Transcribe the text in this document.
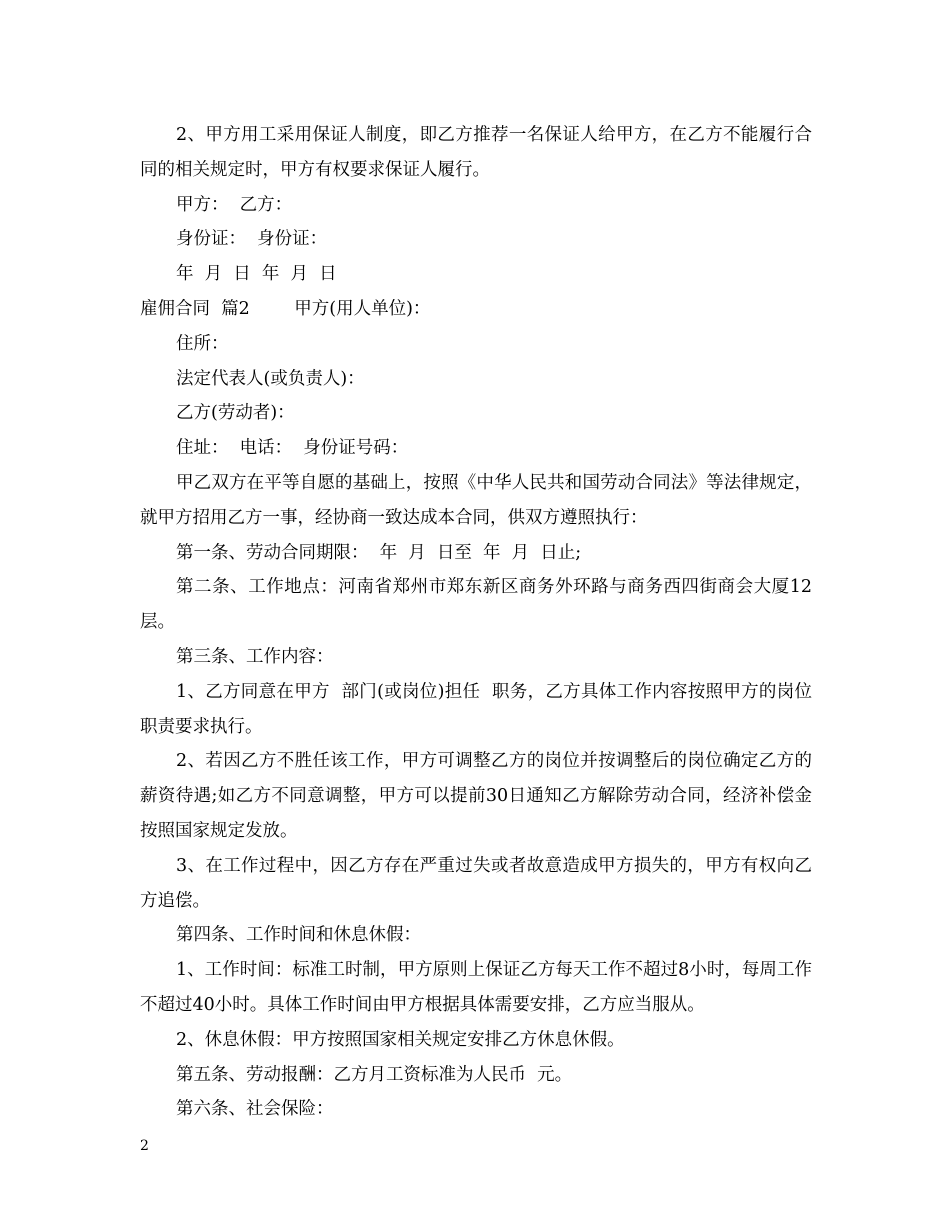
2、甲方用工采用保证人制度，即乙方推荐一名保证人给甲方，在乙方不能履行合同的相关规定时，甲方有权要求保证人履行。

甲方：  乙方：

身份证：  身份证：

年  月  日  年  月  日

雇佣合同  篇2        甲方(用人单位)：

住所：

法定代表人(或负责人)：

乙方(劳动者)：

住址：  电话：  身份证号码：

甲乙双方在平等自愿的基础上，按照《中华人民共和国劳动合同法》等法律规定，就甲方招用乙方一事，经协商一致达成本合同，供双方遵照执行：

第一条、劳动合同期限：  年  月  日至  年  月  日止;

第二条、工作地点：河南省郑州市郑东新区商务外环路与商务西四街商会大厦12层。

第三条、工作内容：

1、乙方同意在甲方  部门(或岗位)担任  职务，乙方具体工作内容按照甲方的岗位职责要求执行。

2、若因乙方不胜任该工作，甲方可调整乙方的岗位并按调整后的岗位确定乙方的薪资待遇;如乙方不同意调整，甲方可以提前30日通知乙方解除劳动合同，经济补偿金按照国家规定发放。

3、在工作过程中，因乙方存在严重过失或者故意造成甲方损失的，甲方有权向乙方追偿。

第四条、工作时间和休息休假：

1、工作时间：标准工时制，甲方原则上保证乙方每天工作不超过8小时，每周工作不超过40小时。具体工作时间由甲方根据具体需要安排，乙方应当服从。

2、休息休假：甲方按照国家相关规定安排乙方休息休假。

第五条、劳动报酬：乙方月工资标准为人民币  元。

第六条、社会保险：

2
